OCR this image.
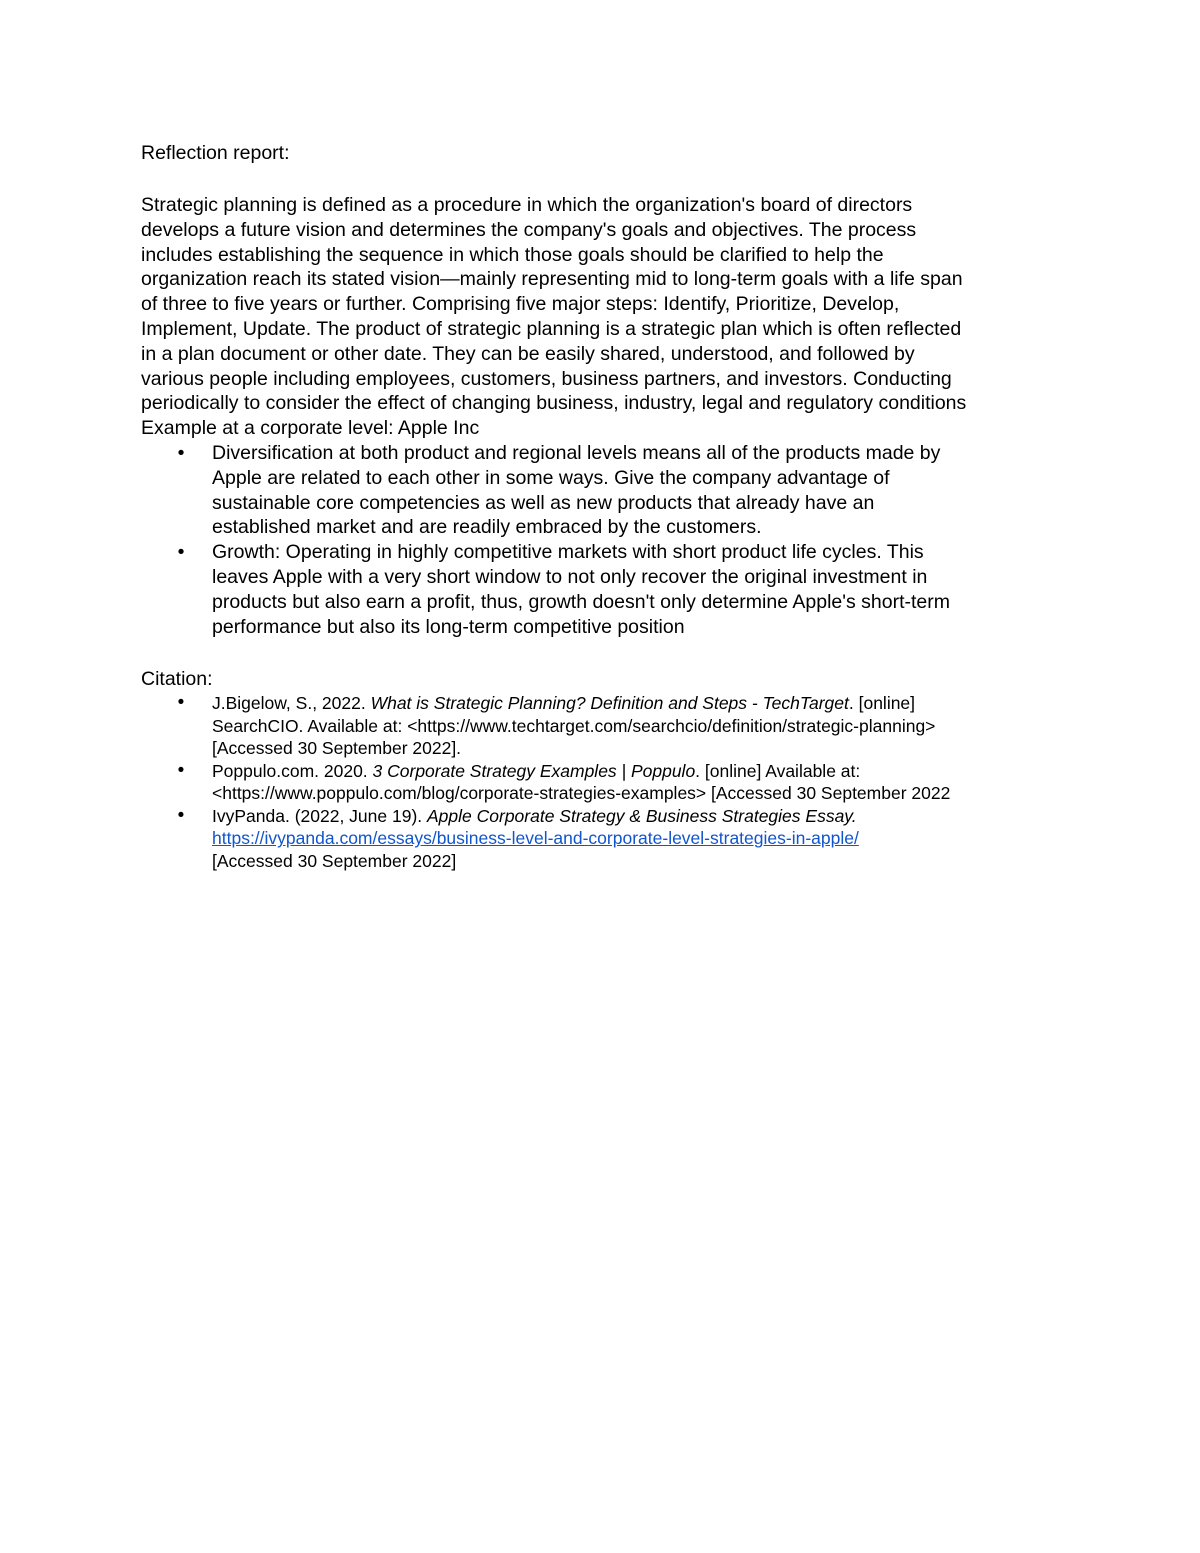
Reflection report:

Strategic planning is defined as a procedure in which the organization's board of directors
develops a future vision and determines the company's goals and objectives. The process
includes establishing the sequence in which those goals should be clarified to help the
organization reach its stated vision—mainly representing mid to long-term goals with a life span
of three to five years or further. Comprising five major steps: Identify, Prioritize, Develop,
Implement, Update. The product of strategic planning is a strategic plan which is often reflected
in a plan document or other date. They can be easily shared, understood, and followed by
various people including employees, customers, business partners, and investors. Conducting
periodically to consider the effect of changing business, industry, legal and regulatory conditions
Example at a corporate level: Apple Inc
• Diversification at both product and regional levels means all of the products made by
Apple are related to each other in some ways. Give the company advantage of
sustainable core competencies as well as new products that already have an
established market and are readily embraced by the customers.
• Growth: Operating in highly competitive markets with short product life cycles. This
leaves Apple with a very short window to not only recover the original investment in
products but also earn a profit, thus, growth doesn't only determine Apple's short-term
performance but also its long-term competitive position

Citation:

• J.Bigelow, S., 2022. What is Strategic Planning? Definition and Steps - TechTarget. [online]
SearchCIO. Available at: <https://www.techtarget.com/searchcio/definition/strategic-planning>
[Accessed 30 September 2022].
• Poppulo.com. 2020. 3 Corporate Strategy Examples | Poppulo. [online] Available at:
<https://www.poppulo.com/blog/corporate-strategies-examples> [Accessed 30 September 2022
• IvyPanda. (2022, June 19). Apple Corporate Strategy & Business Strategies Essay.
https://ivypanda.com/essays/business-level-and-corporate-level-strategies-in-apple/
[Accessed 30 September 2022]
